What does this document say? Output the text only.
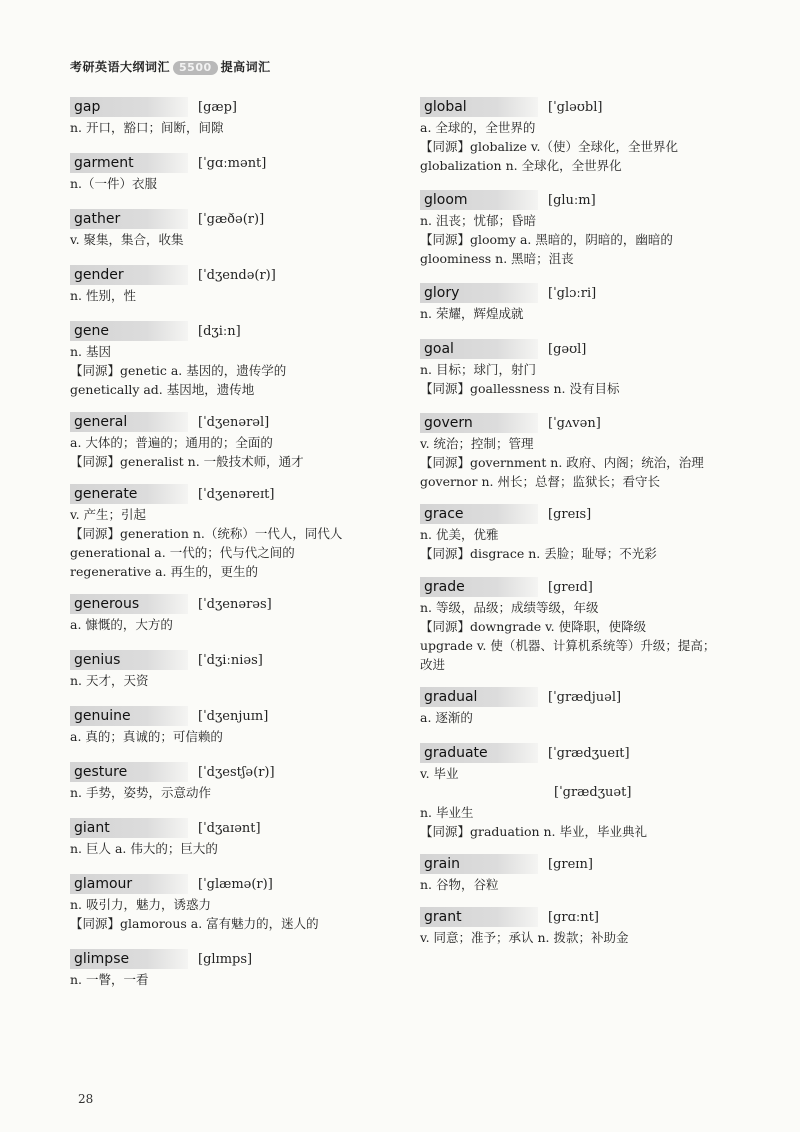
考研英语大纲词汇 5500 提高词汇
gap	[gæp]
n. 开口，豁口；间断，间隙
garment	[ˈgɑːmənt]
n.（一件）衣服
gather	[ˈgæðə(r)]
v. 聚集，集合，收集
gender	[ˈdʒendə(r)]
n. 性别，性
gene	[dʒiːn]
n. 基因
【同源】genetic a. 基因的，遗传学的
genetically ad. 基因地，遗传地
general	[ˈdʒenərəl]
a. 大体的；普遍的；通用的；全面的
【同源】generalist n. 一般技术师，通才
generate	[ˈdʒenəreɪt]
v. 产生；引起
【同源】generation n.（统称）一代人，同代人
generational a. 一代的；代与代之间的
regenerative a. 再生的，更生的
generous	[ˈdʒenərəs]
a. 慷慨的，大方的
genius	[ˈdʒiːniəs]
n. 天才，天资
genuine	[ˈdʒenjuɪn]
a. 真的；真诚的；可信赖的
gesture	[ˈdʒestʃə(r)]
n. 手势，姿势，示意动作
giant	[ˈdʒaɪənt]
n. 巨人 a. 伟大的；巨大的
glamour	[ˈglæmə(r)]
n. 吸引力，魅力，诱惑力
【同源】glamorous a. 富有魅力的，迷人的
glimpse	[glɪmps]
n. 一瞥，一看
global	[ˈgləʊbl]
a. 全球的，全世界的
【同源】globalize v.（使）全球化，全世界化
globalization n. 全球化，全世界化
gloom	[gluːm]
n. 沮丧；忧郁；昏暗
【同源】gloomy a. 黑暗的，阴暗的，幽暗的
gloominess n. 黑暗；沮丧
glory	[ˈglɔːri]
n. 荣耀，辉煌成就
goal	[gəʊl]
n. 目标；球门，射门
【同源】goallessness n. 没有目标
govern	[ˈgʌvən]
v. 统治；控制；管理
【同源】government n. 政府、内阁；统治，治理
governor n. 州长；总督；监狱长；看守长
grace	[greɪs]
n. 优美，优雅
【同源】disgrace n. 丢脸；耻辱；不光彩
grade	[greɪd]
n. 等级，品级；成绩等级，年级
【同源】downgrade v. 使降职，使降级
upgrade v. 使（机器、计算机系统等）升级；提高；
改进
gradual	[ˈgrædjuəl]
a. 逐渐的
graduate	[ˈgrædʒueɪt]
v. 毕业
[ˈgrædʒuət]
n. 毕业生
【同源】graduation n. 毕业，毕业典礼
grain	[greɪn]
n. 谷物，谷粒
grant	[grɑːnt]
v. 同意；准予；承认 n. 拨款；补助金
28
